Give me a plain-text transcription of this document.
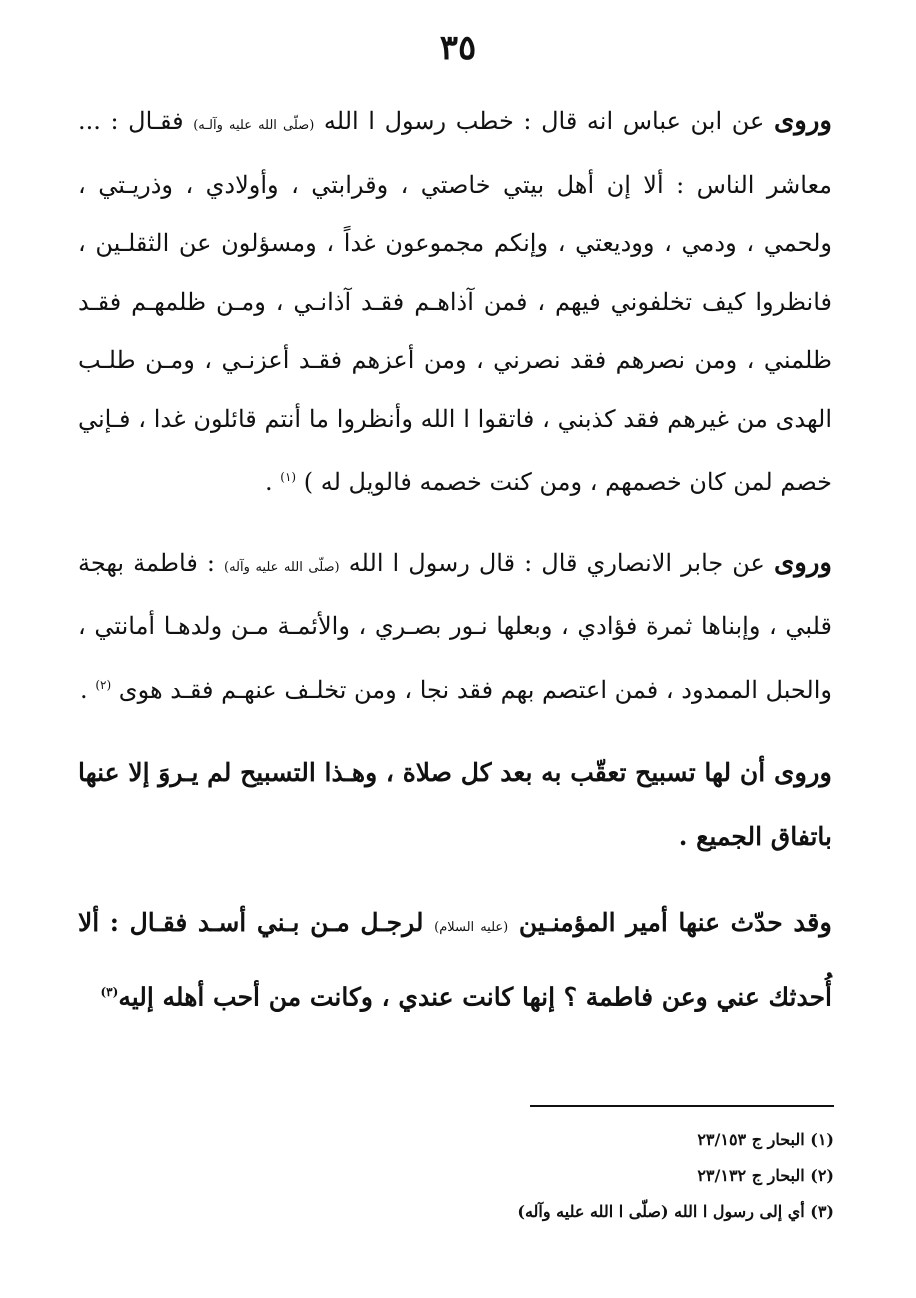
٣٥

وروى عن ابن عباس انه قال : خطب رسول ا الله (صلّى الله عليه وآلـه) فقـال : ... معاشر الناس : ألا إن أهل بيتي خاصتي ، وقرابتي ، وأولادي ، وذريـتي ، ولحمي ، ودمي ، ووديعتي ، وإنكم مجموعون غداً ، ومسؤلون عن الثقلـين ، فانظروا كيف تخلفوني فيهم ، فمن آذاهـم فقـد آذانـي ، ومـن ظلمهـم فقـد ظلمني ، ومن نصرهم فقد نصرني ، ومن أعزهم فقـد أعزنـي ، ومـن طلـب الهدى من غيرهم فقد كذبني ، فاتقوا ا الله وأنظروا ما أنتم قائلون غدا ، فـإني خصم لمن كان خصمهم ، ومن كنت خصمه فالويل له ) $^{(١)}$ .

وروى عن جابر الانصاري قال : قال رسول ا الله (صلّى الله عليه وآله) : فاطمة بهجة قلبي ، وإبناها ثمرة فؤادي ، وبعلها نـور بصـري ، والأئمـة مـن ولدهـا أمانتي ، والحبل الممدود ، فمن اعتصم بهم فقد نجا ، ومن تخلـف عنهـم فقـد هوى $^{(٢)}$ .

وروى أن لها تسبيح تعقّب به بعد كل صلاة ، وهـذا التسبيح لم يـروَ إلا عنها باتفاق الجميع .

وقد حدّث عنها أمير المؤمنـين (عليه السلام) لرجـل مـن بـني أسـد فقـال : ألا أُحدثك عني وعن فاطمة ؟ إنها كانت عندي ، وكانت من أحب أهله إليه$^{(٣)}$

(١) البحار ج ٢٣/١٥٣
(٢) البحار ج ٢٣/١٣٢
(٣) أي إلى رسول ا الله (صلّى ا الله عليه وآله)
